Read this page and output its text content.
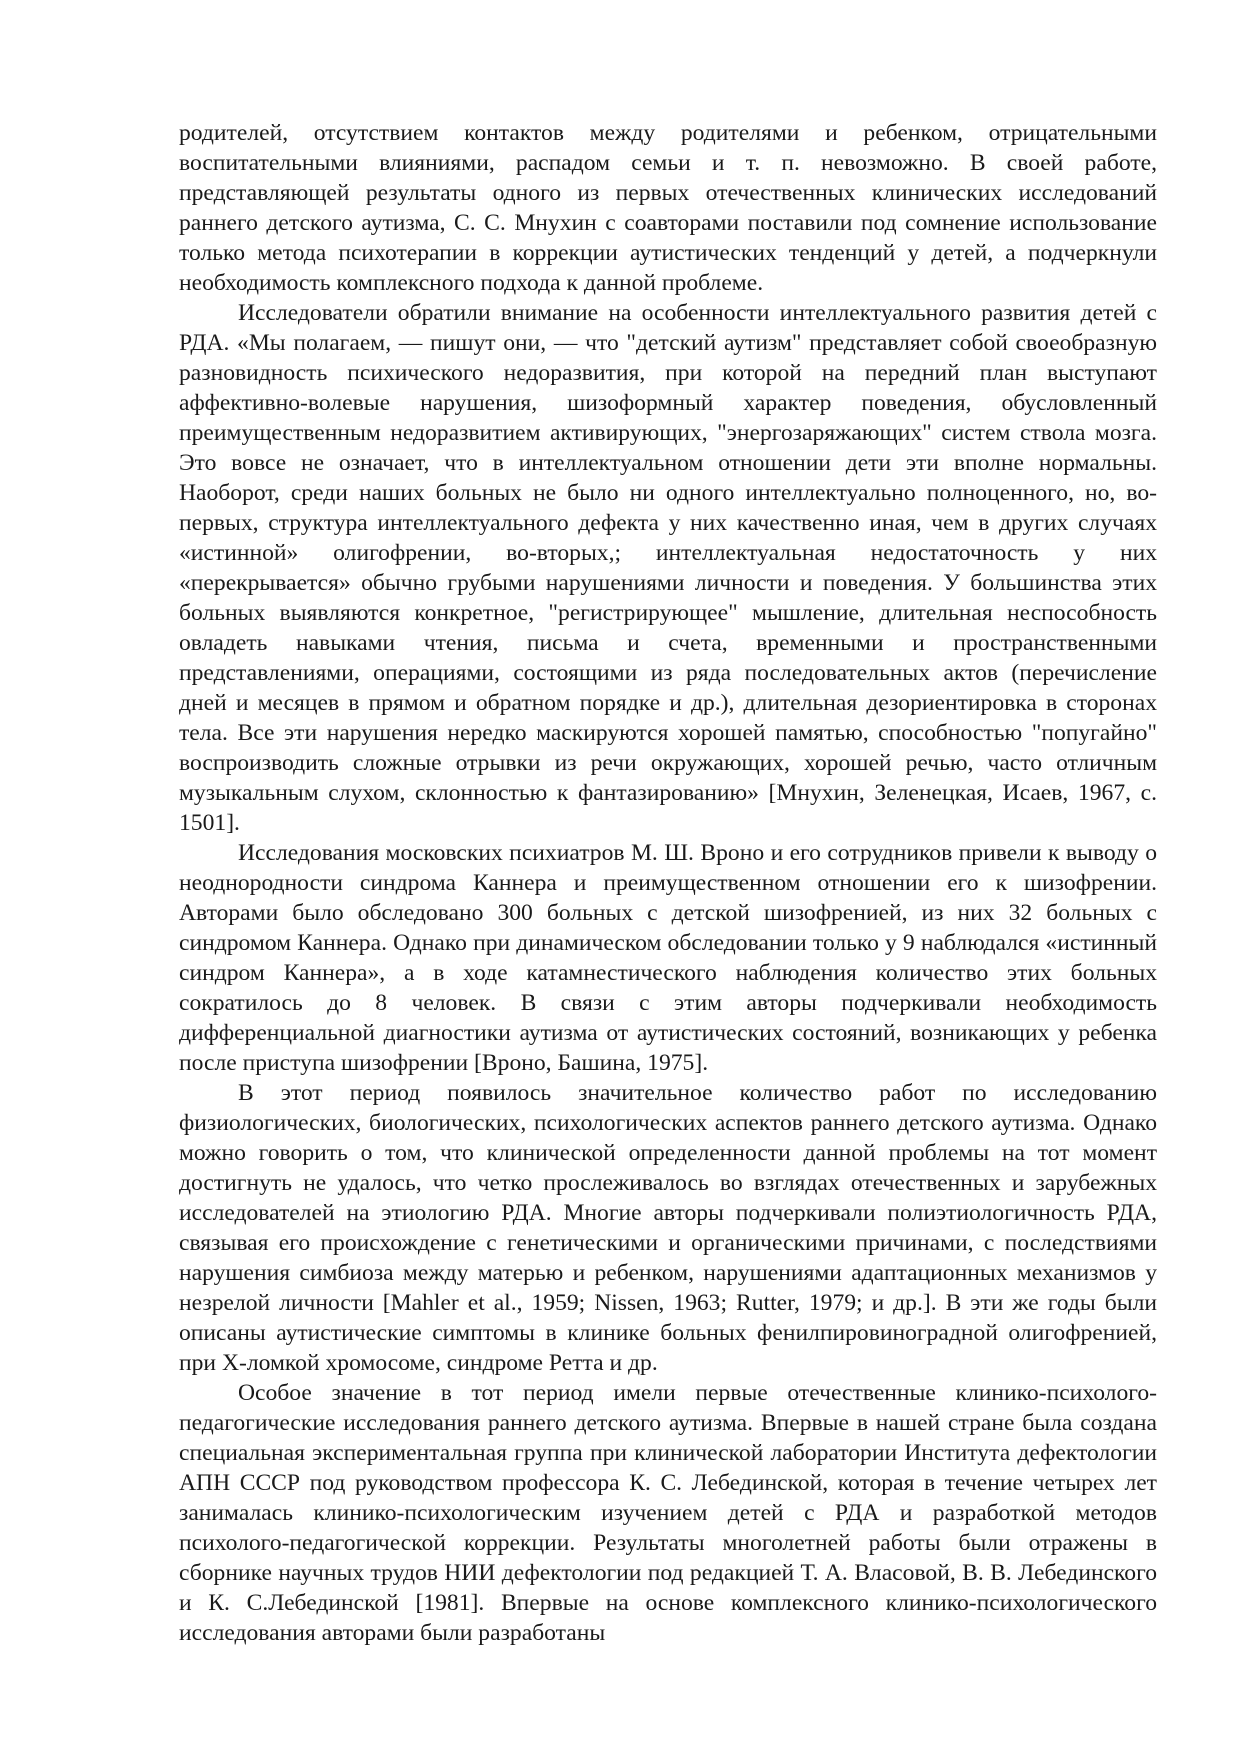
родителей, отсутствием контактов между родителями и ребенком, отрицательными воспитательными влияниями, распадом семьи и т. п. невозможно. В своей работе, представляющей результаты одного из первых отечественных клинических исследований раннего детского аутизма, С. С. Мнухин с соавторами поставили под сомнение использование только метода психотерапии в коррекции аутистических тенденций у детей, а подчеркнули необходимость комплексного подхода к данной проблеме.

Исследователи обратили внимание на особенности интеллектуального развития детей с РДА. «Мы полагаем, — пишут они, — что "детский аутизм" представляет собой своеобразную разновидность психического недоразвития, при которой на передний план выступают аффективно-волевые нарушения, шизоформный характер поведения, обусловленный преимущественным недоразвитием активирующих, "энергозаряжающих" систем ствола мозга. Это вовсе не означает, что в интеллектуальном отношении дети эти вполне нормальны. Наоборот, среди наших больных не было ни одного интеллектуально полноценного, но, во-первых, структура интеллектуального дефекта у них качественно иная, чем в других случаях «истинной» олигофрении, во-вторых,; интеллектуальная недостаточность у них «перекрывается» обычно грубыми нарушениями личности и поведения. У большинства этих больных выявляются конкретное, "регистрирующее" мышление, длительная неспособность овладеть навыками чтения, письма и счета, временными и пространственными представлениями, операциями, состоящими из ряда последовательных актов (перечисление дней и месяцев в прямом и обратном порядке и др.), длительная дезориентировка в сторонах тела. Все эти нарушения нередко маскируются хорошей памятью, способностью "попугайно" воспроизводить сложные отрывки из речи окружающих, хорошей речью, часто отличным музыкальным слухом, склонностью к фантазированию» [Мнухин, Зеленецкая, Исаев, 1967, с. 1501].

Исследования московских психиатров М. Ш. Вроно и его сотрудников привели к выводу о неоднородности синдрома Каннера и преимущественном отношении его к шизофрении. Авторами было обследовано 300 больных с детской шизофренией, из них 32 больных с синдромом Каннера. Однако при динамическом обследовании только у 9 наблюдался «истинный синдром Каннера», а в ходе катамнестического наблюдения количество этих больных сократилось до 8 человек. В связи с этим авторы подчеркивали необходимость дифференциальной диагностики аутизма от аутистических состояний, возникающих у ребенка после приступа шизофрении [Вроно, Башина, 1975].

В этот период появилось значительное количество работ по исследованию физиологических, биологических, психологических аспектов раннего детского аутизма. Однако можно говорить о том, что клинической определенности данной проблемы на тот момент достигнуть не удалось, что четко прослеживалось во взглядах отечественных и зарубежных исследователей на этиологию РДА. Многие авторы подчеркивали полиэтиологичность РДА, связывая его происхождение с генетическими и органическими причинами, с последствиями нарушения симбиоза между матерью и ребенком, нарушениями адаптационных механизмов у незрелой личности [Mahler et al., 1959; Nissen, 1963; Rutter, 1979; и др.]. В эти же годы были описаны аутистические симптомы в клинике больных фенилпировиноградной олигофренией, при Х-ломкой хромосоме, синдроме Ретта и др.

Особое значение в тот период имели первые отечественные клинико-психолого-педагогические исследования раннего детского аутизма. Впервые в нашей стране была создана специальная экспериментальная группа при клинической лаборатории Института дефектологии АПН СССР под руководством профессора К. С. Лебединской, которая в течение четырех лет занималась клинико-психологическим изучением детей с РДА и разработкой методов психолого-педагогической коррекции. Результаты многолетней работы были отражены в сборнике научных трудов НИИ дефектологии под редакцией Т. А. Власовой, В. В. Лебединского и К. С.Лебединской [1981]. Впервые на основе комплексного клинико-психологического исследования авторами были разработаны
